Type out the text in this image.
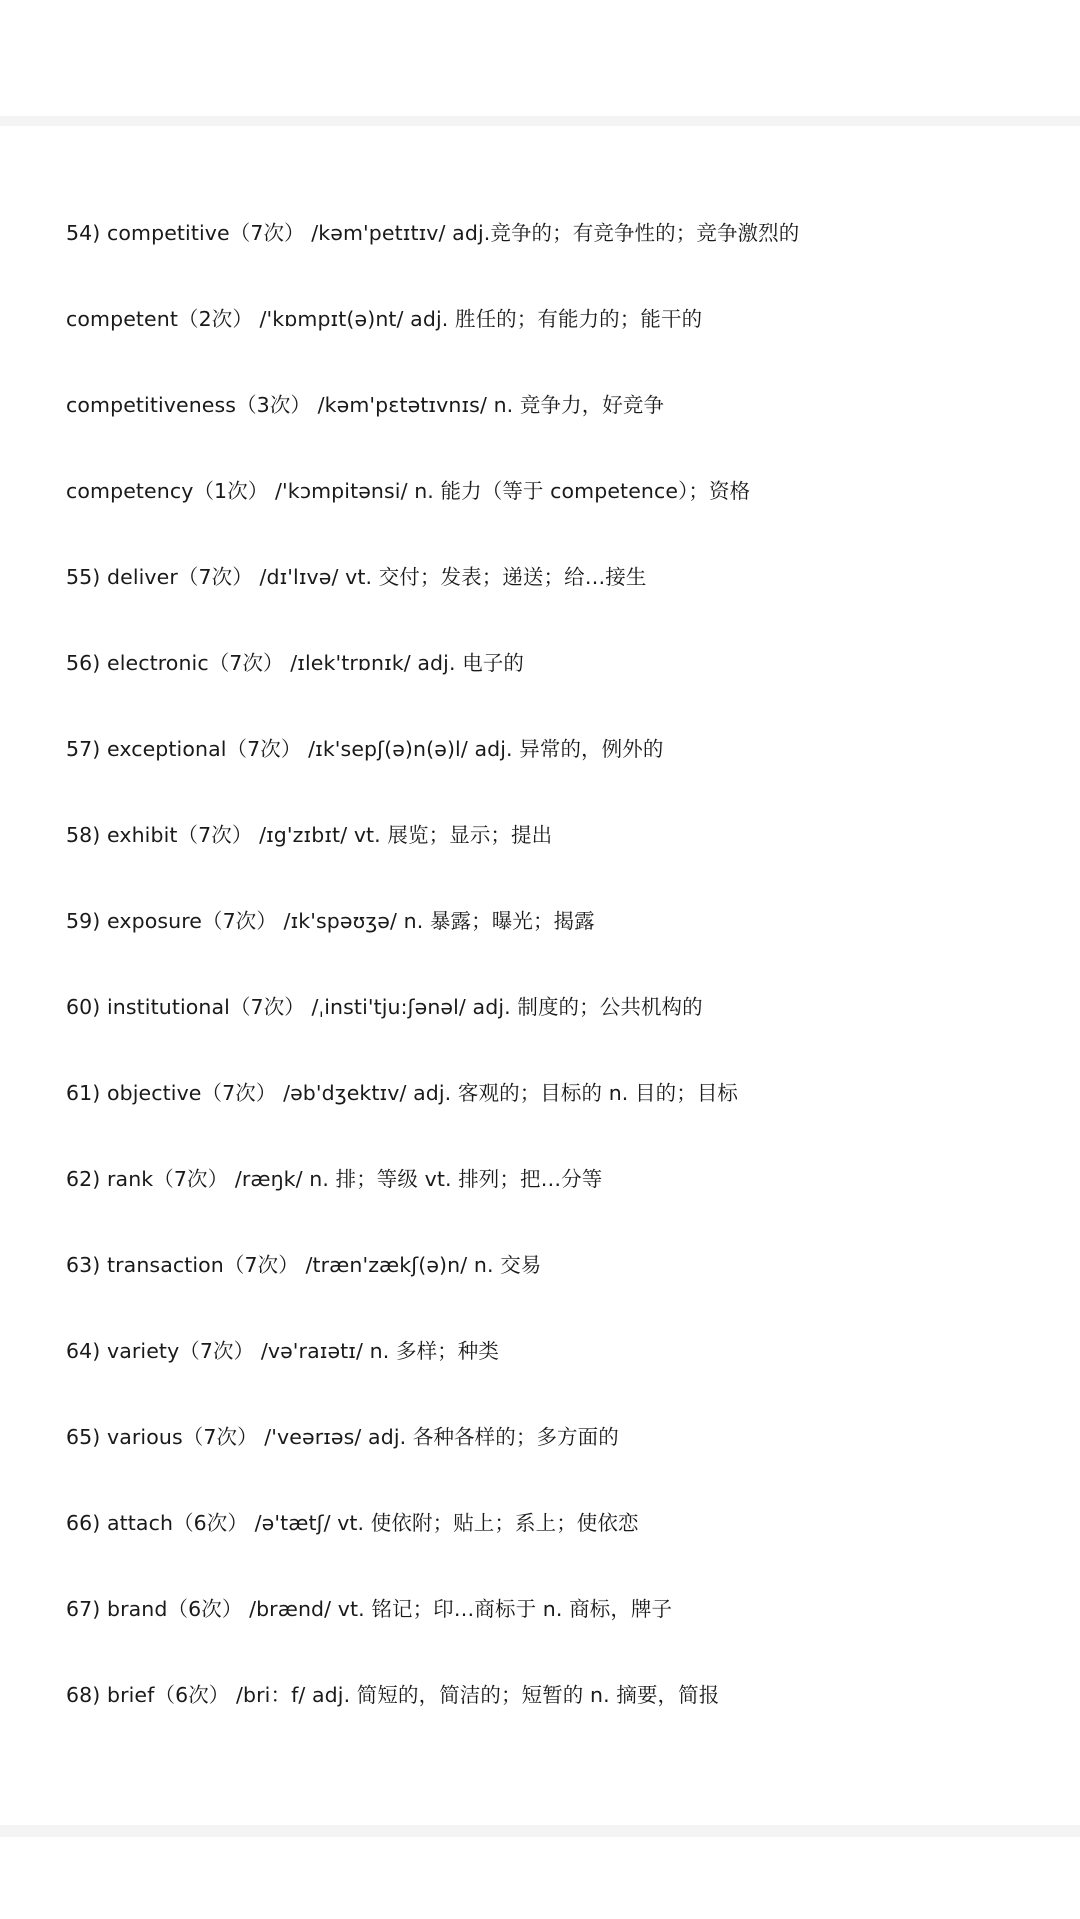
54) competitive（7次） /kəm'petɪtɪv/ adj.竞争的；有竞争性的；竞争激烈的
competent（2次） /'kɒmpɪt(ə)nt/ adj. 胜任的；有能力的；能干的
competitiveness（3次） /kəm'pɛtətɪvnɪs/ n. 竞争力，好竞争
competency（1次） /'kɔmpitənsi/ n. 能力（等于 competence）；资格
55) deliver（7次） /dɪ'lɪvə/ vt. 交付；发表；递送；给…接生
56) electronic（7次） /ɪlek'trɒnɪk/ adj. 电子的
57) exceptional（7次） /ɪk'sepʃ(ə)n(ə)l/ adj. 异常的，例外的
58) exhibit（7次） /ɪg'zɪbɪt/ vt. 展览；显示；提出
59) exposure（7次） /ɪk'spəʊʒə/ n. 暴露；曝光；揭露
60) institutional（7次） /ˌinsti'tju:ʃənəl/ adj. 制度的；公共机构的
61) objective（7次） /əb'dʒektɪv/ adj. 客观的；目标的 n. 目的；目标
62) rank（7次） /ræŋk/ n. 排；等级 vt. 排列；把…分等
63) transaction（7次） /træn'zækʃ(ə)n/ n. 交易
64) variety（7次） /və'raɪətɪ/ n. 多样；种类
65) various（7次） /'veərɪəs/ adj. 各种各样的；多方面的
66) attach（6次） /ə'tætʃ/ vt. 使依附；贴上；系上；使依恋
67) brand（6次） /brænd/ vt. 铭记；印…商标于 n. 商标，牌子
68) brief（6次） /bri：f/ adj. 简短的，简洁的；短暂的 n. 摘要，简报
